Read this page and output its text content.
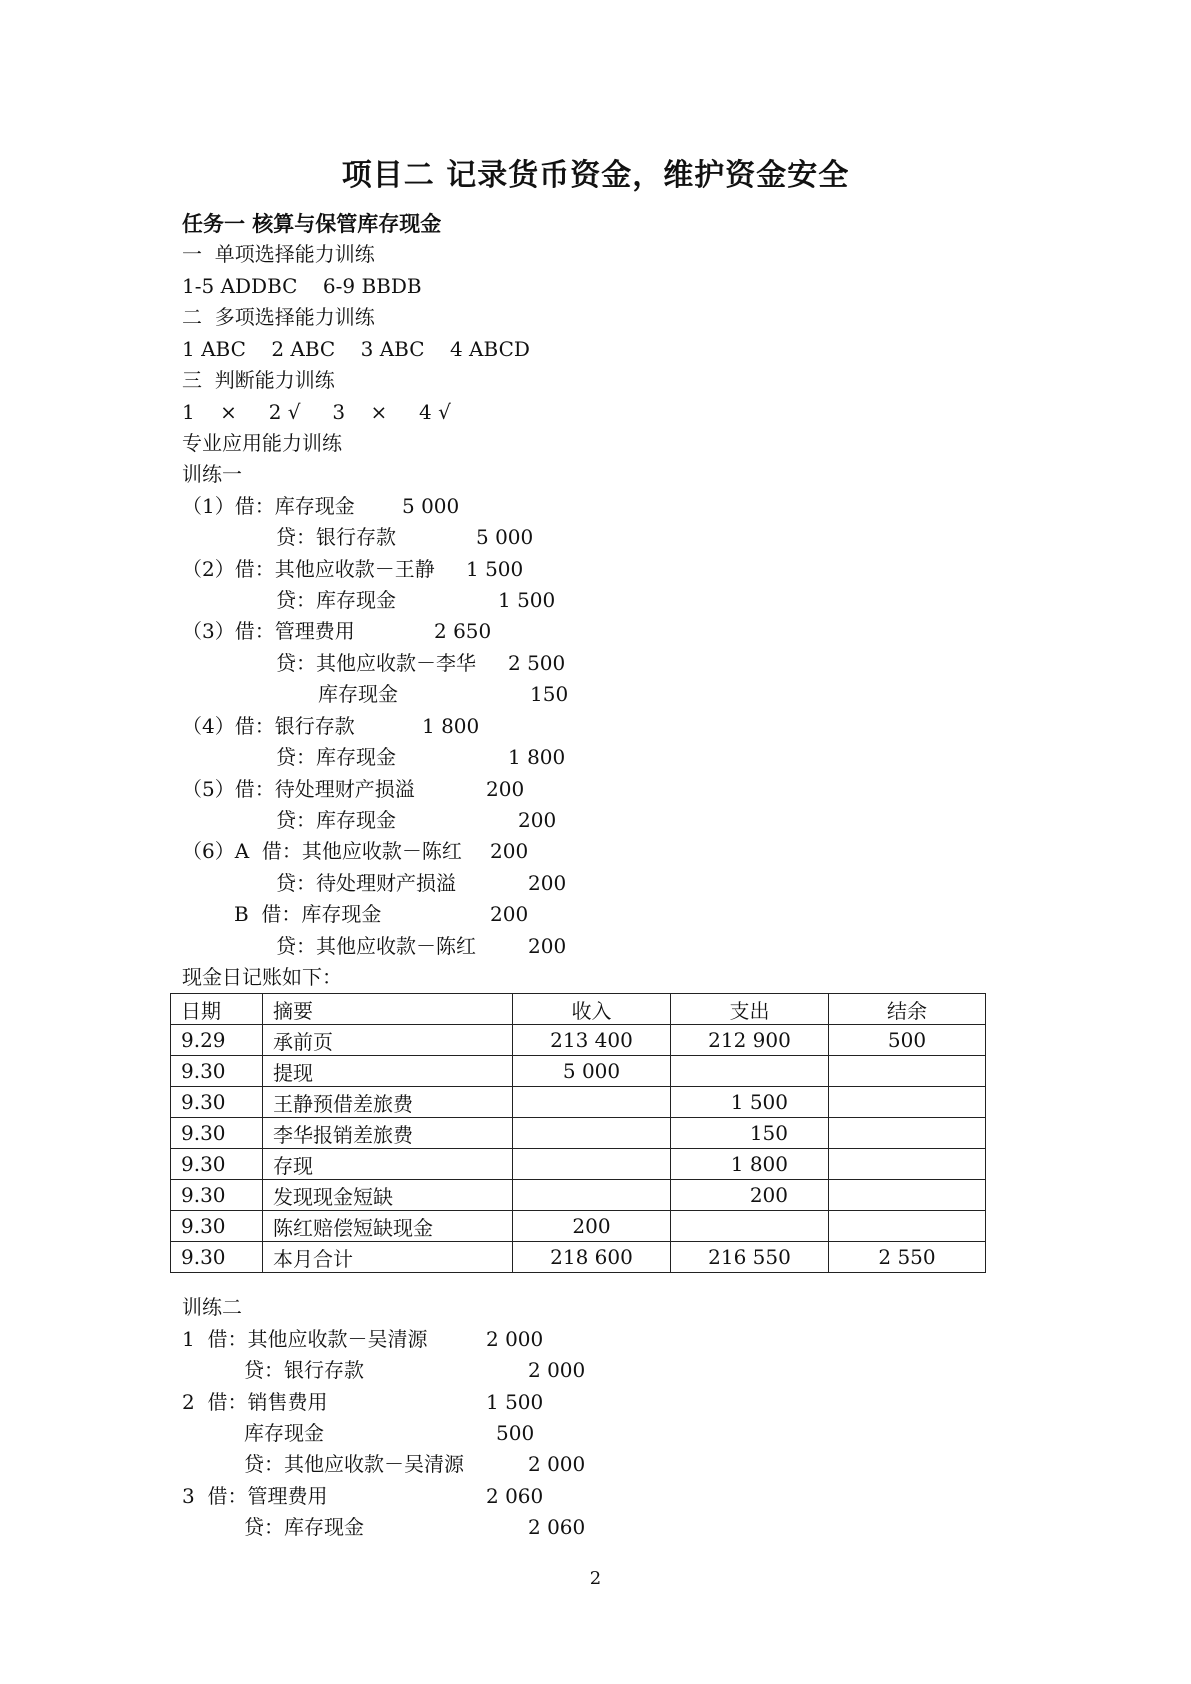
项目二 记录货币资金，维护资金安全
任务一 核算与保管库存现金
一  单项选择能力训练
1-5 ADDBC    6-9 BBDB
二  多项选择能力训练
1 ABC    2 ABC    3 ABC    4 ABCD
三  判断能力训练
1    ×     2 √     3    ×     4 √
专业应用能力训练
训练一
（1）借：库存现金 5 000
贷：银行存款	5 000
（2）借：其他应收款－王静 1 500
贷：库存现金	1 500
（3）借：管理费用	2 650
贷：其他应收款－李华 2 500
库存现金	150
（4）借：银行存款	1 800
贷：库存现金	1 800
（5）借：待处理财产损溢	200
贷：库存现金	200
（6）A  借：其他应收款－陈红 200
贷：待处理财产损溢	200
B  借：库存现金	200
贷：其他应收款－陈红	200
现金日记账如下：
日期	摘要	收入	支出	结余
9.29	承前页	213 400	212 900	500
9.30	提现	5 000		
9.30	王静预借差旅费		1 500	
9.30	李华报销差旅费		150	
9.30	存现		1 800	
9.30	发现现金短缺		200	
9.30	陈红赔偿短缺现金	200		
9.30	本月合计	218 600	216 550	2 550
训练二
1  借：其他应收款－吴清源	2 000
贷：银行存款	2 000
2  借：销售费用	1 500
库存现金	500
贷：其他应收款－吴清源	2 000
3  借：管理费用	2 060
贷：库存现金	2 060
2
